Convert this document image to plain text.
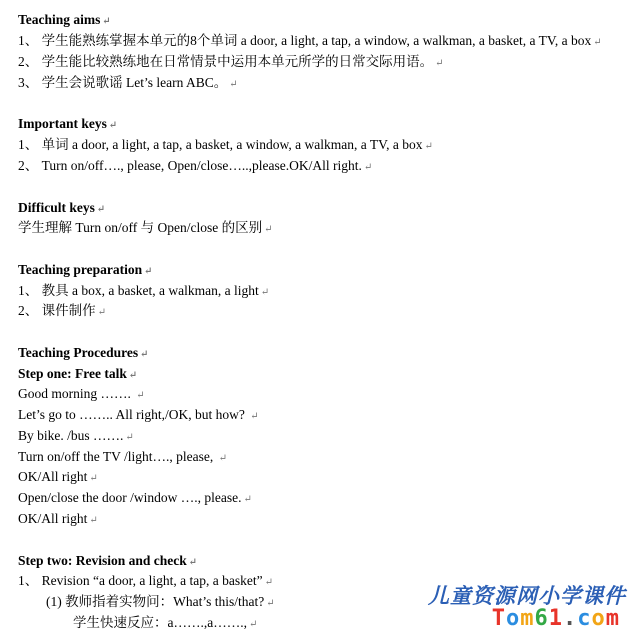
Teaching aims ↵
1、 学生能熟练掌握本单元的8个单词 a door, a light, a tap, a window, a walkman, a basket, a TV, a box ↵
2、 学生能比较熟练地在日常情景中运用本单元所学的日常交际用语。 ↵
3、 学生会说歌谣 Let’s learn ABC。 ↵
Important keys ↵
1、 单词 a door, a light, a tap, a basket, a window, a walkman, a TV, a box ↵
2、 Turn on/off…., please, Open/close…..,please.OK/All right. ↵
Difficult keys ↵
学生理解 Turn on/off 与 Open/close 的区别 ↵
Teaching preparation ↵
1、 教具 a box, a basket, a walkman, a light ↵
2、 课件制作 ↵
Teaching Procedures ↵
Step one: Free talk ↵
Good morning ……. ↵
Let’s go to …….. All right,/OK, but how? ↵
By bike. /bus ……. ↵
Turn on/off the TV /light…., please, ↵
OK/All right ↵
Open/close the door /window …., please. ↵
OK/All right ↵
Step two: Revision and check ↵
1、 Revision “a door, a light, a tap, a basket” ↵
(1) 教师指着实物问：What’s this/that? ↵
学生快速反应：a…….,a……., ↵
儿童资源网小学课件
Tom61.com
